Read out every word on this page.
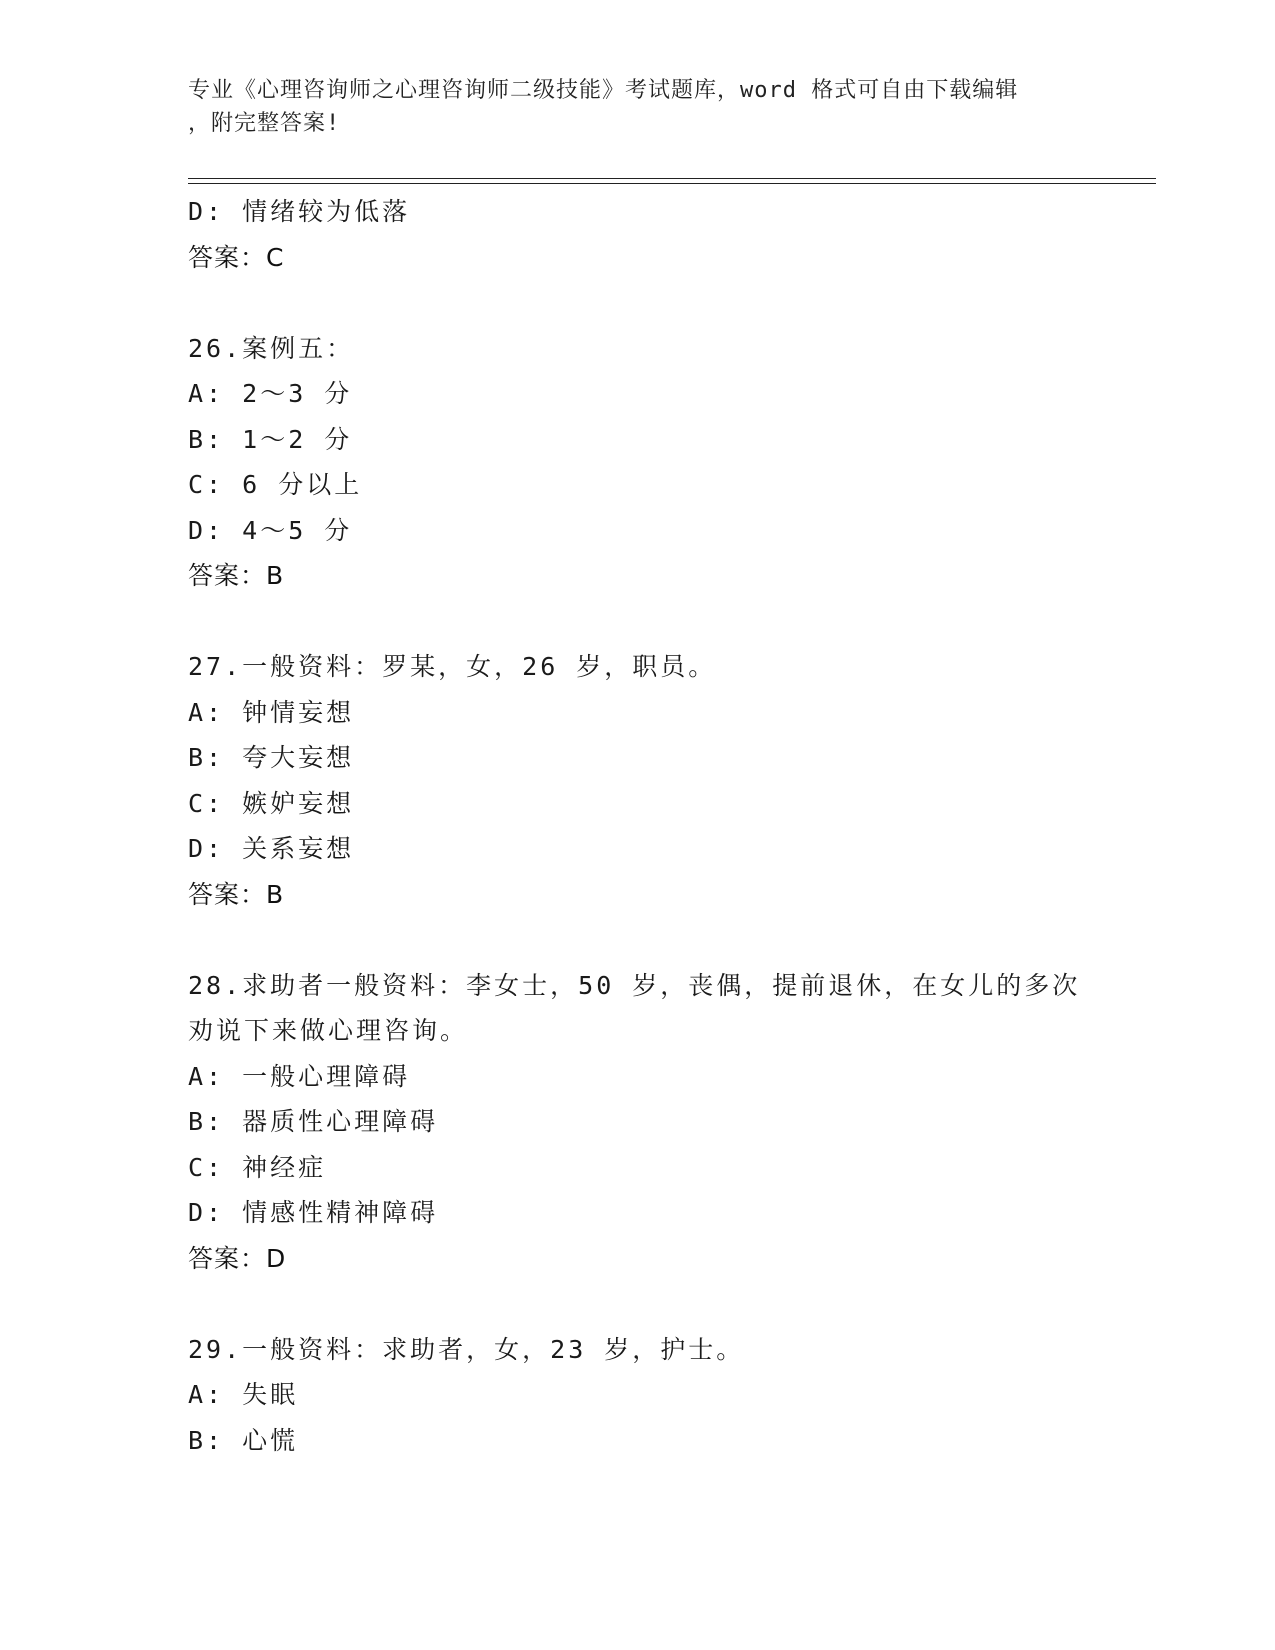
专业《心理咨询师之心理咨询师二级技能》考试题库，word 格式可自由下载编辑
，附完整答案!
D: 情绪较为低落
答案：C
26.案例五：
A: 2～3 分
B: 1～2 分
C: 6 分以上
D: 4～5 分
答案：B
27.一般资料：罗某，女，26 岁，职员。
A: 钟情妄想
B: 夸大妄想
C: 嫉妒妄想
D: 关系妄想
答案：B
28.求助者一般资料：李女士，50 岁，丧偶，提前退休，在女儿的多次
劝说下来做心理咨询。
A: 一般心理障碍
B: 器质性心理障碍
C: 神经症
D: 情感性精神障碍
答案：D
29.一般资料：求助者，女，23 岁，护士。
A: 失眠
B: 心慌
